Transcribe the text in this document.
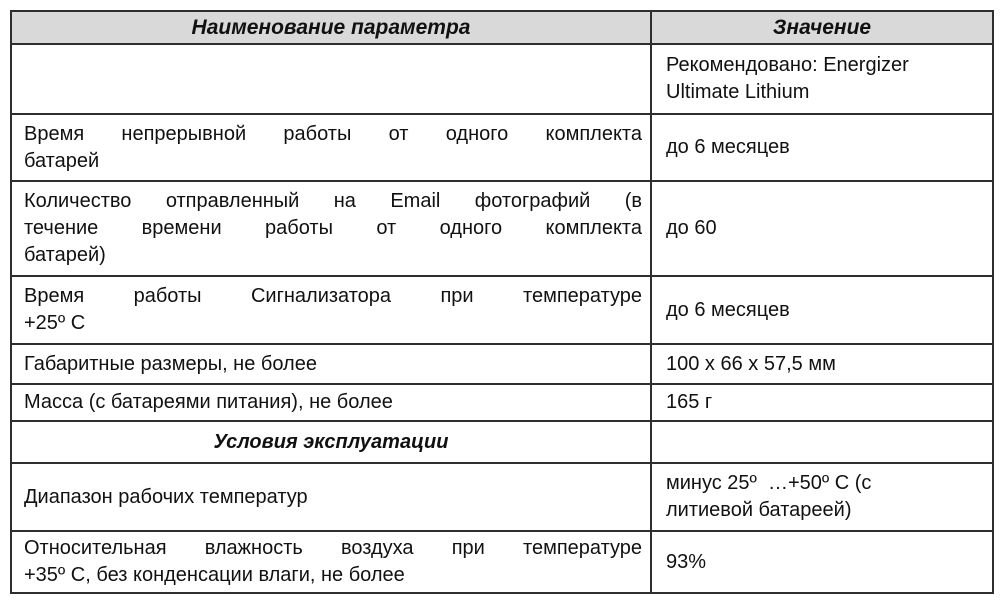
Наименование параметра	Значение

	Рекомендовано: Energizer
Ultimate Lithium

Время непрерывной работы от одного комплекта
батарей	до 6 месяцев

Количество отправленный на Email фотографий (в
течение времени работы от одного комплекта
батарей)	до 60

Время работы Сигнализатора при температуре
+25º С	до 6 месяцев

Габаритные размеры, не более	100 х 66 х 57,5 мм

Масса (с батареями питания), не более	165 г

Условия эксплуатации	

Диапазон рабочих температур	минус 25º  …+50º С (с
литиевой батареей)

Относительная влажность воздуха при температуре
+35º С, без конденсации влаги, не более	93%
